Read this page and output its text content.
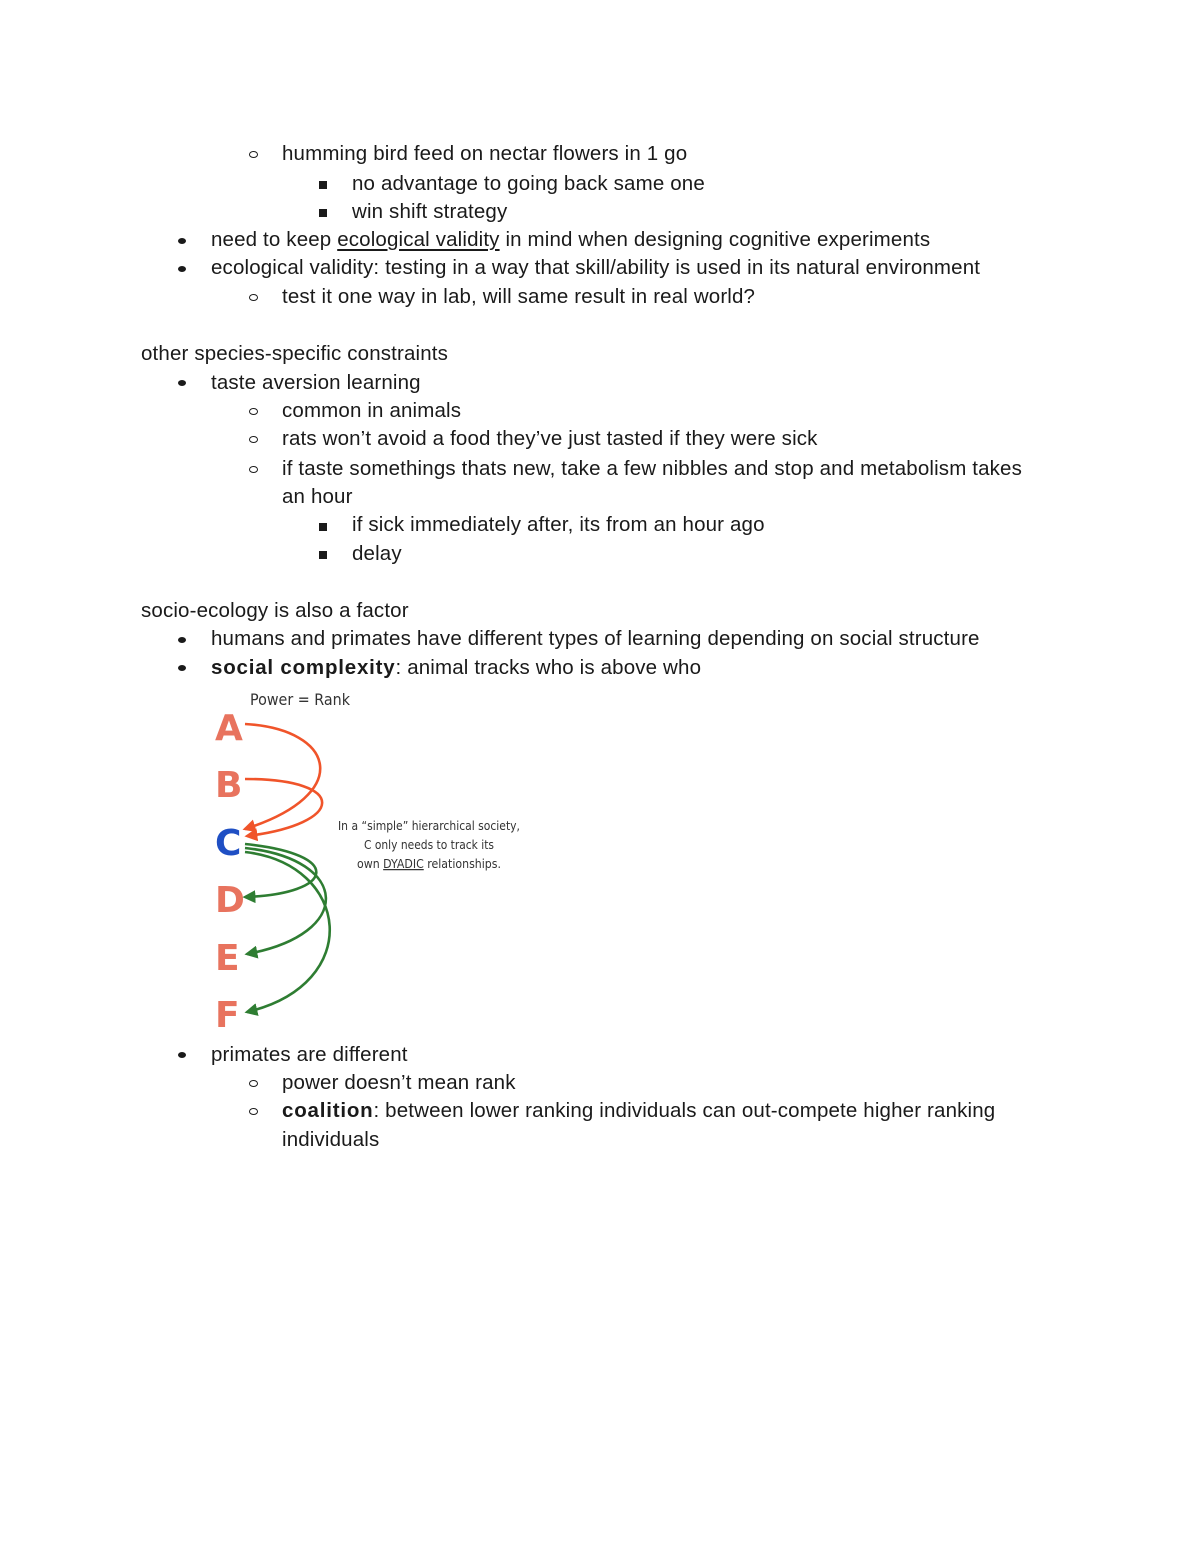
humming bird feed on nectar flowers in 1 go
no advantage to going back same one
win shift strategy
need to keep ecological validity in mind when designing cognitive experiments
ecological validity: testing in a way that skill/ability is used in its natural environment
test it one way in lab, will same result in real world?
other species-specific constraints
taste aversion learning
common in animals
rats won’t avoid a food they’ve just tasted if they were sick
if taste somethings thats new, take a few nibbles and stop and metabolism takes
an hour
if sick immediately after, its from an hour ago
delay
socio-ecology is also a factor
humans and primates have different types of learning depending on social structure
social complexity: animal tracks who is above who
Power = Rank
A
B
C
D
E
F
In a “simple” hierarchical society,
C only needs to track its
own DYADIC relationships.
primates are different
power doesn’t mean rank
coalition: between lower ranking individuals can out-compete higher ranking
individuals
